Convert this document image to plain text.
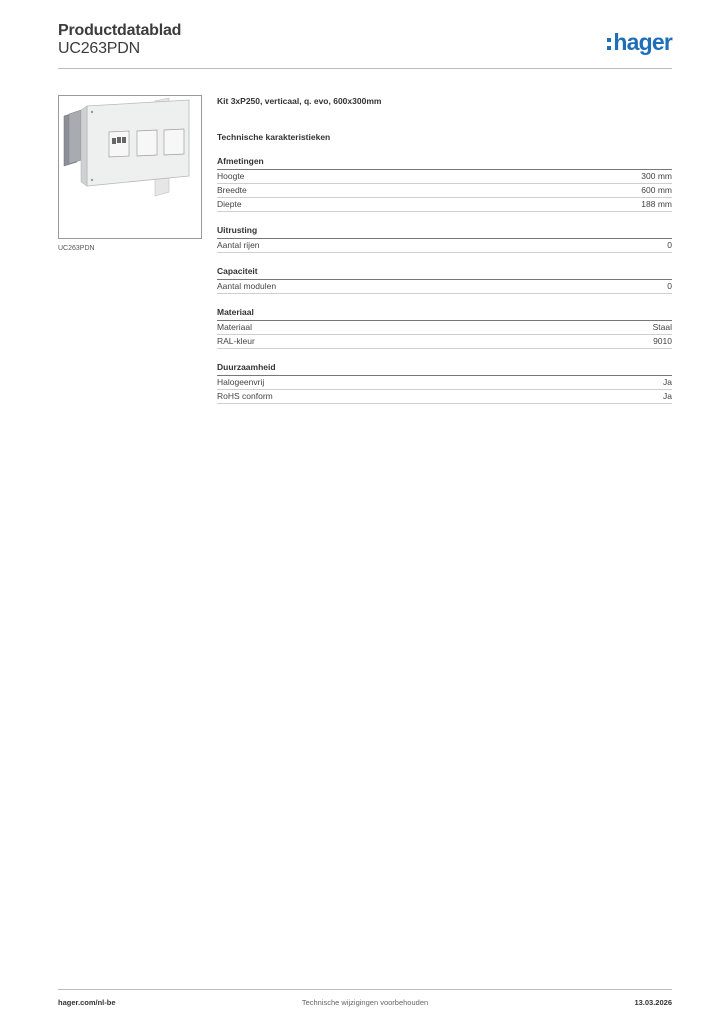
Productdatablad
UC263PDN	hager
UC263PDN
Kit 3xP250, verticaal, q. evo, 600x300mm
Technische karakteristieken
Afmetingen
Hoogte	300 mm
Breedte	600 mm
Diepte	188 mm
Uitrusting
Aantal rijen	0
Capaciteit
Aantal modulen	0
Materiaal
Materiaal	Staal
RAL-kleur	9010
Duurzaamheid
Halogeenvrij	Ja
RoHS conform	Ja
hager.com/nl-be	Technische wijzigingen voorbehouden	13.03.2026
